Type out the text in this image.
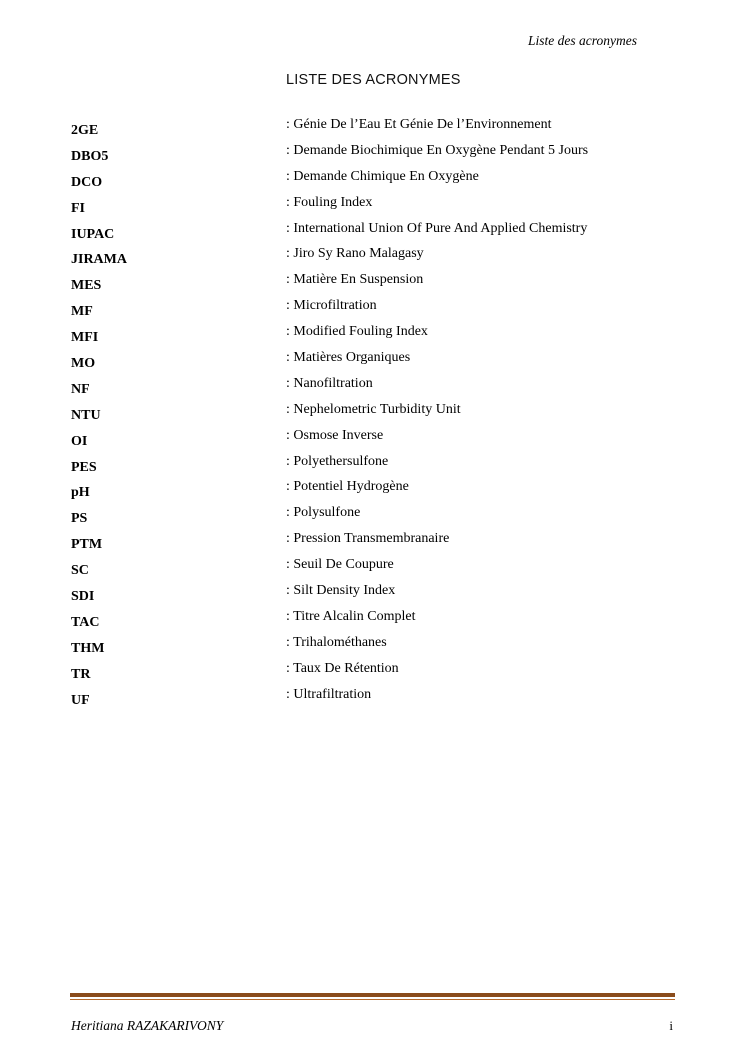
Liste des acronymes
LISTE DES ACRONYMES
2GE	: Génie De l’Eau Et Génie De l’Environnement
DBO5	: Demande Biochimique En Oxygène Pendant 5 Jours
DCO	: Demande Chimique En Oxygène
FI	: Fouling Index
IUPAC	: International Union Of Pure And Applied Chemistry
JIRAMA	: Jiro Sy Rano Malagasy
MES	: Matière En Suspension
MF	: Microfiltration
MFI	: Modified Fouling Index
MO	: Matières Organiques
NF	: Nanofiltration
NTU	: Nephelometric Turbidity Unit
OI	: Osmose Inverse
PES	: Polyethersulfone
pH	: Potentiel Hydrogène
PS	: Polysulfone
PTM	: Pression Transmembranaire
SC	: Seuil De Coupure
SDI	: Silt Density Index
TAC	: Titre Alcalin Complet
THM	: Trihalométhanes
TR	: Taux De Rétention
UF	: Ultrafiltration
Heritiana RAZAKARIVONY	i
